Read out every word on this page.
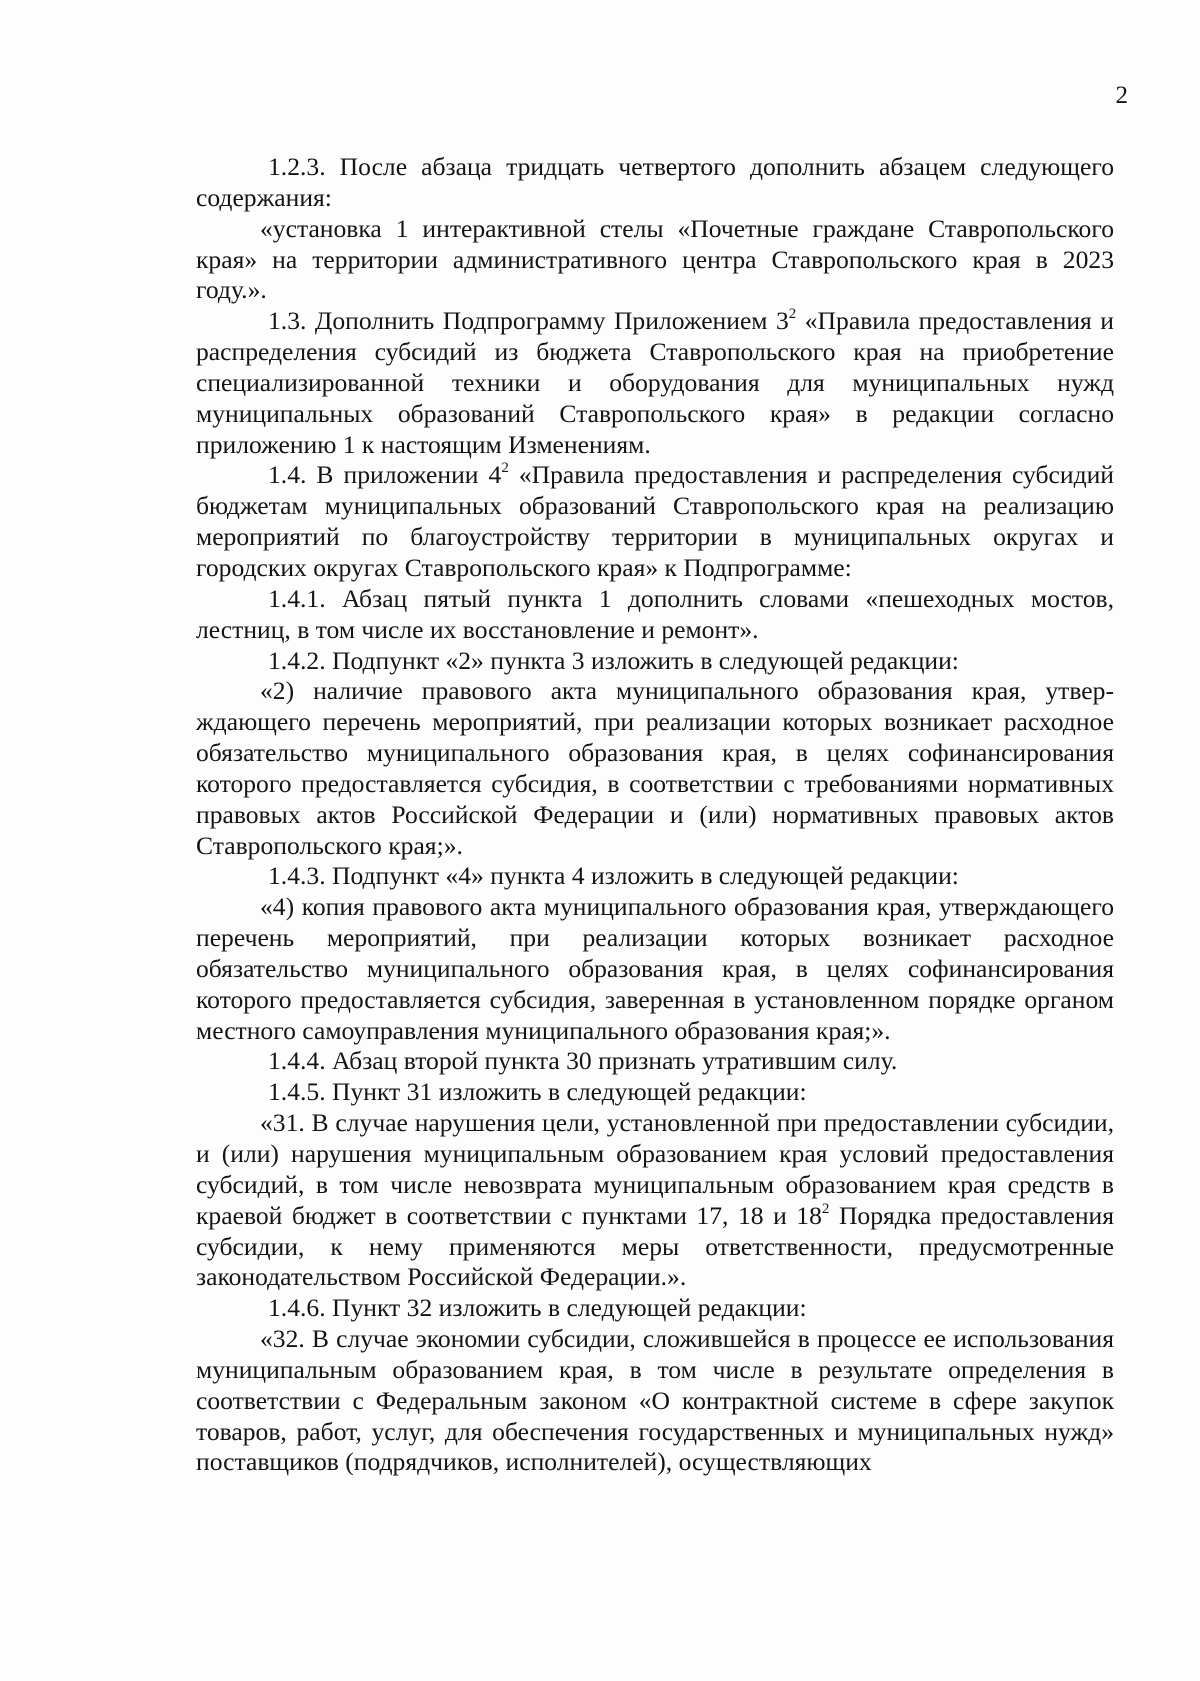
2

1.2.3. После абзаца тридцать четвертого дополнить абзацем следующего содержания:

«установка 1 интерактивной стелы «Почетные граждане Ставропольского края» на территории административного центра Ставропольского края в 2023 году.».

1.3. Дополнить Подпрограмму Приложением $3^2$ «Правила предоставления и распределения субсидий из бюджета Ставропольского края на приобретение специализированной техники и оборудования для муниципальных нужд муниципальных образований Ставропольского края» в редакции согласно приложению 1 к настоящим Изменениям.

1.4. В приложении $4^2$ «Правила предоставления и распределения субсидий бюджетам муниципальных образований Ставропольского края на реализацию мероприятий по благоустройству территории в муниципальных округах и городских округах Ставропольского края» к Подпрограмме:

1.4.1. Абзац пятый пункта 1 дополнить словами «пешеходных мостов, лестниц, в том числе их восстановление и ремонт».

1.4.2. Подпункт «2» пункта 3 изложить в следующей редакции:

«2) наличие правового акта муниципального образования края, утверждающего перечень мероприятий, при реализации которых возникает расходное обязательство муниципального образования края, в целях софинансирования которого предоставляется субсидия, в соответствии с требованиями нормативных правовых актов Российской Федерации и (или) нормативных правовых актов Ставропольского края;».

1.4.3. Подпункт «4» пункта 4 изложить в следующей редакции:

«4) копия правового акта муниципального образования края, утверждающего перечень мероприятий, при реализации которых возникает расходное обязательство муниципального образования края, в целях софинансирования которого предоставляется субсидия, заверенная в установленном порядке органом местного самоуправления муниципального образования края;».

1.4.4. Абзац второй пункта 30 признать утратившим силу.

1.4.5. Пункт 31 изложить в следующей редакции:

«31. В случае нарушения цели, установленной при предоставлении субсидии, и (или) нарушения муниципальным образованием края условий предоставления субсидий, в том числе невозврата муниципальным образованием края средств в краевой бюджет в соответствии с пунктами 17, 18 и $18^2$ Порядка предоставления субсидии, к нему применяются меры ответственности, предусмотренные законодательством Российской Федерации.».

1.4.6. Пункт 32 изложить в следующей редакции:

«32. В случае экономии субсидии, сложившейся в процессе ее использования муниципальным образованием края, в том числе в результате определения в соответствии с Федеральным законом «О контрактной системе в сфере закупок товаров, работ, услуг, для обеспечения государственных и муниципальных нужд» поставщиков (подрядчиков, исполнителей), осуществляющих
